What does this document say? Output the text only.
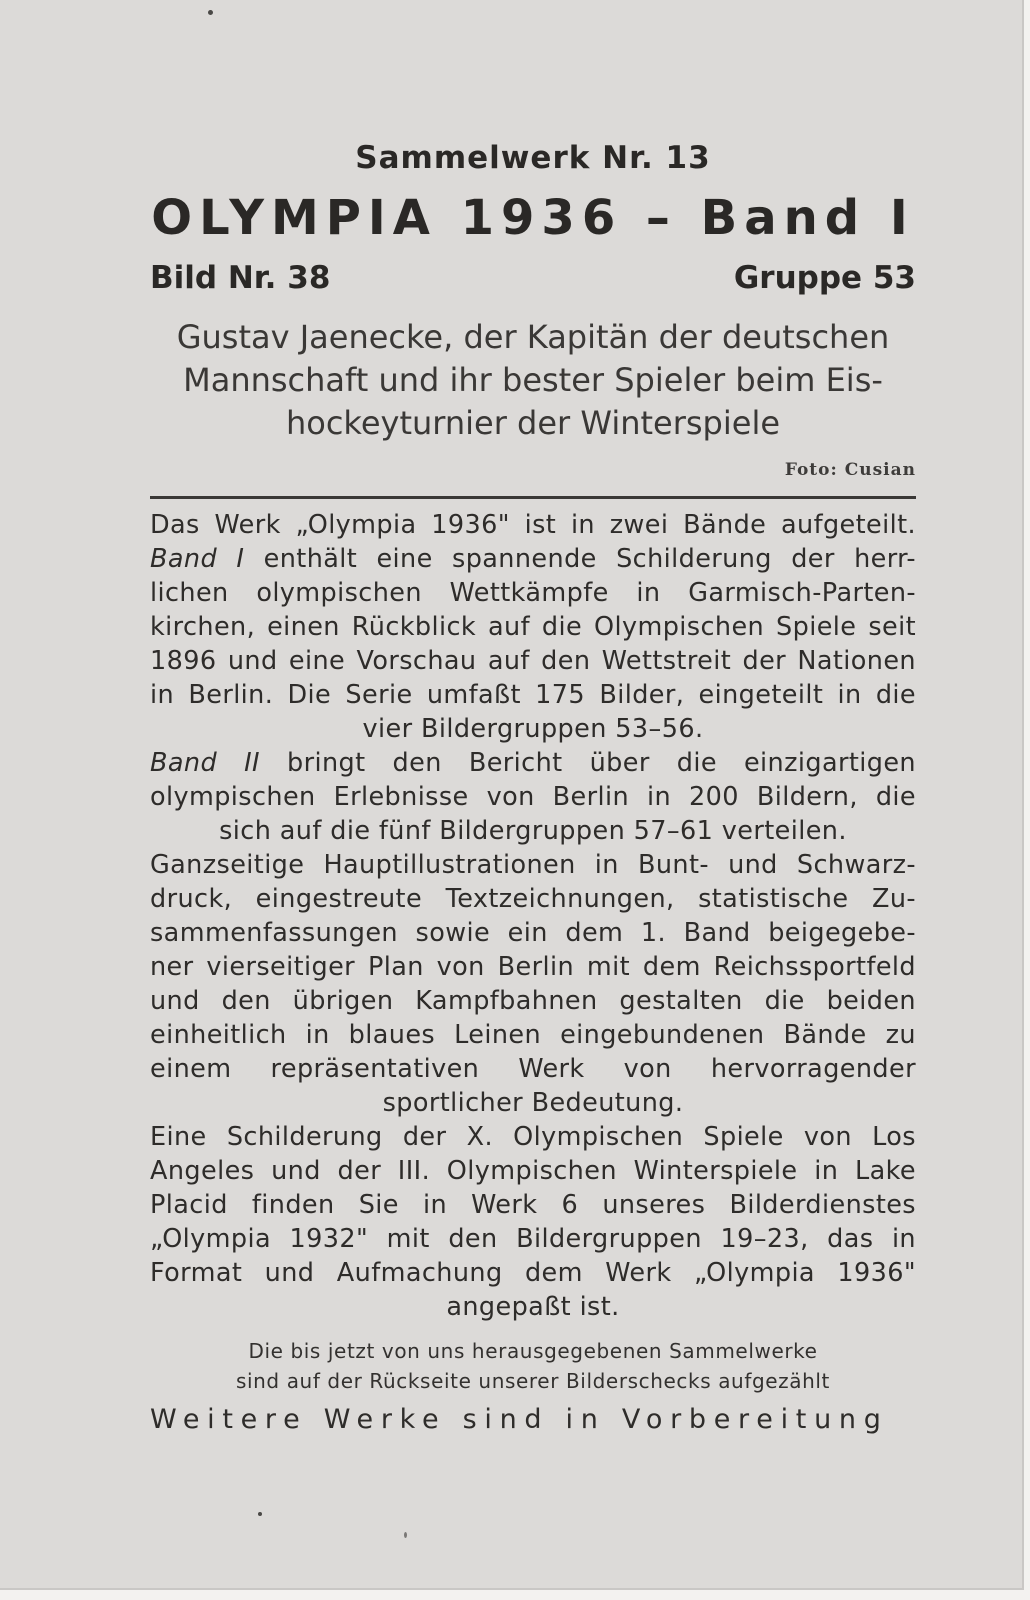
Sammelwerk Nr. 13
OLYMPIA 1936 – Band I
Bild Nr. 38	Gruppe 53
Gustav Jaenecke, der Kapitän der deutschen
Mannschaft und ihr bester Spieler beim Eis-
hockeyturnier der Winterspiele
Foto: Cusian
Das Werk „Olympia 1936" ist in zwei Bände aufgeteilt.
Band I enthält eine spannende Schilderung der herr-
lichen olympischen Wettkämpfe in Garmisch-Parten-
kirchen, einen Rückblick auf die Olympischen Spiele seit
1896 und eine Vorschau auf den Wettstreit der Nationen
in Berlin. Die Serie umfaßt 175 Bilder, eingeteilt in die
vier Bildergruppen 53–56.
Band II bringt den Bericht über die einzigartigen
olympischen Erlebnisse von Berlin in 200 Bildern, die
sich auf die fünf Bildergruppen 57–61 verteilen.
Ganzseitige Hauptillustrationen in Bunt- und Schwarz-
druck, eingestreute Textzeichnungen, statistische Zu-
sammenfassungen sowie ein dem 1. Band beigegebe-
ner vierseitiger Plan von Berlin mit dem Reichssportfeld
und den übrigen Kampfbahnen gestalten die beiden
einheitlich in blaues Leinen eingebundenen Bände zu
einem repräsentativen Werk von hervorragender
sportlicher Bedeutung.
Eine Schilderung der X. Olympischen Spiele von Los
Angeles und der III. Olympischen Winterspiele in Lake
Placid finden Sie in Werk 6 unseres Bilderdienstes
„Olympia 1932" mit den Bildergruppen 19–23, das in
Format und Aufmachung dem Werk „Olympia 1936"
angepaßt ist.
Die bis jetzt von uns herausgegebenen Sammelwerke
sind auf der Rückseite unserer Bilderschecks aufgezählt
Weitere Werke sind in Vorbereitung
